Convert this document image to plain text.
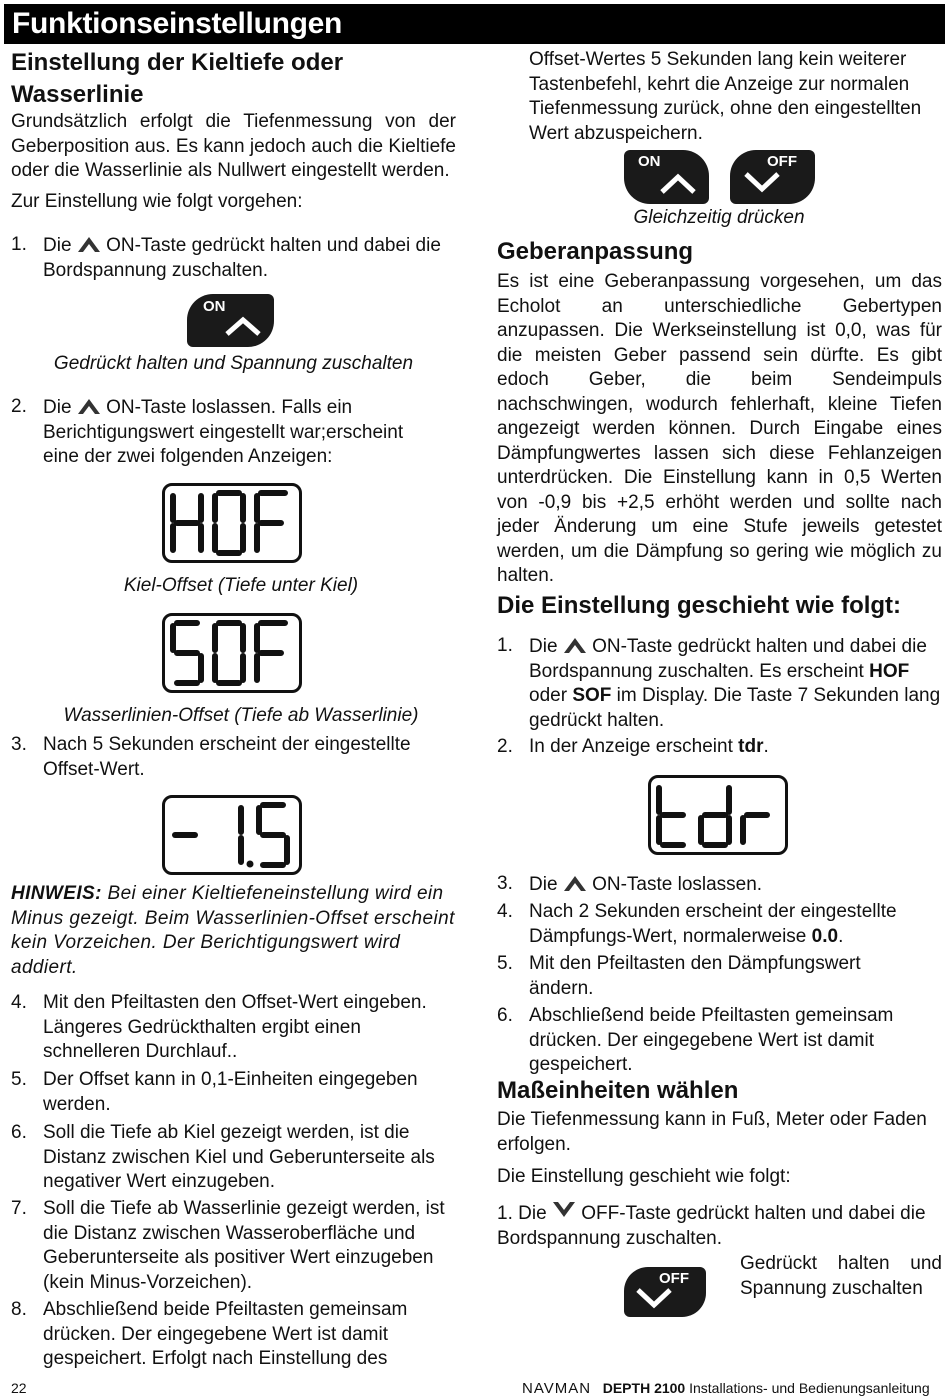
Funktionseinstellungen
Einstellung der Kieltiefe oder Wasserlinie
Grundsätzlich erfolgt die Tiefenmessung von der Geberposition aus. Es kann jedoch auch die Kieltiefe oder die Wasserlinie als Nullwert eingestellt werden.
Zur Einstellung wie folgt vorgehen:
1. Die ON-Taste gedrückt halten und dabei die Bordspannung zuschalten.
ON
Gedrückt halten und Spannung zuschalten
2. Die ON-Taste loslassen. Falls ein Berichtigungswert eingestellt war;erscheint eine der zwei folgenden Anzeigen:
HOF
Kiel-Offset (Tiefe unter Kiel)
SOF
Wasserlinien-Offset (Tiefe ab Wasserlinie)
3. Nach 5 Sekunden erscheint der eingestellte Offset-Wert.
- 1.5
HINWEIS: Bei einer Kieltiefeneinstellung wird ein Minus gezeigt. Beim Wasserlinien-Offset erscheint kein Vorzeichen. Der Berichtigungswert wird addiert.
4. Mit den Pfeiltasten den Offset-Wert eingeben. Längeres Gedrückthalten ergibt einen schnelleren Durchlauf..
5. Der Offset kann in 0,1-Einheiten eingegeben werden.
6. Soll die Tiefe ab Kiel gezeigt werden, ist die Distanz zwischen Kiel und Geberunterseite als negativer Wert einzugeben.
7. Soll die Tiefe ab Wasserlinie gezeigt werden, ist die Distanz zwischen Wasseroberfläche und Geberunterseite als positiver Wert einzugeben (kein Minus-Vorzeichen).
8. Abschließend beide Pfeiltasten gemeinsam drücken. Der eingegebene Wert ist damit gespeichert. Erfolgt nach Einstellung des
Offset-Wertes 5 Sekunden lang kein weiterer Tastenbefehl, kehrt die Anzeige zur normalen Tiefenmessung zurück, ohne den eingestellten Wert abzuspeichern.
ON	OFF
Gleichzeitig drücken
Geberanpassung
Es ist eine Geberanpassung vorgesehen, um das Echolot an unterschiedliche Gebertypen anzupassen. Die Werkseinstellung ist 0,0, was für die meisten Geber passend sein dürfte. Es gibt edoch Geber, die beim Sendeimpuls nachschwingen, wodurch fehlerhaft, kleine Tiefen angezeigt werden können. Durch Eingabe eines Dämpfungwertes lassen sich diese Fehlanzeigen unterdrücken. Die Einstellung kann in 0,5 Werten von -0,9 bis +2,5 erhöht werden und sollte nach jeder Änderung um eine Stufe jeweils getestet werden, um die Dämpfung so gering wie möglich zu halten.
Die Einstellung geschieht wie folgt:
1. Die ON-Taste gedrückt halten und dabei die Bordspannung zuschalten. Es erscheint HOF oder SOF im Display. Die Taste 7 Sekunden lang gedrückt halten.
2. In der Anzeige erscheint tdr.
tdr
3. Die ON-Taste loslassen.
4. Nach 2 Sekunden erscheint der eingestellte Dämpfungs-Wert, normalerweise 0.0.
5. Mit den Pfeiltasten den Dämpfungswert ändern.
6. Abschließend beide Pfeiltasten gemeinsam drücken. Der eingegebene Wert ist damit gespeichert.
Maßeinheiten wählen
Die Tiefenmessung kann in Fuß, Meter oder Faden erfolgen.
Die Einstellung geschieht wie folgt:
1. Die OFF-Taste gedrückt halten und dabei die Bordspannung zuschalten.
OFF
Gedrückt halten und Spannung zuschalten
22	NAVMAN DEPTH 2100 Installations- und Bedienungsanleitung
